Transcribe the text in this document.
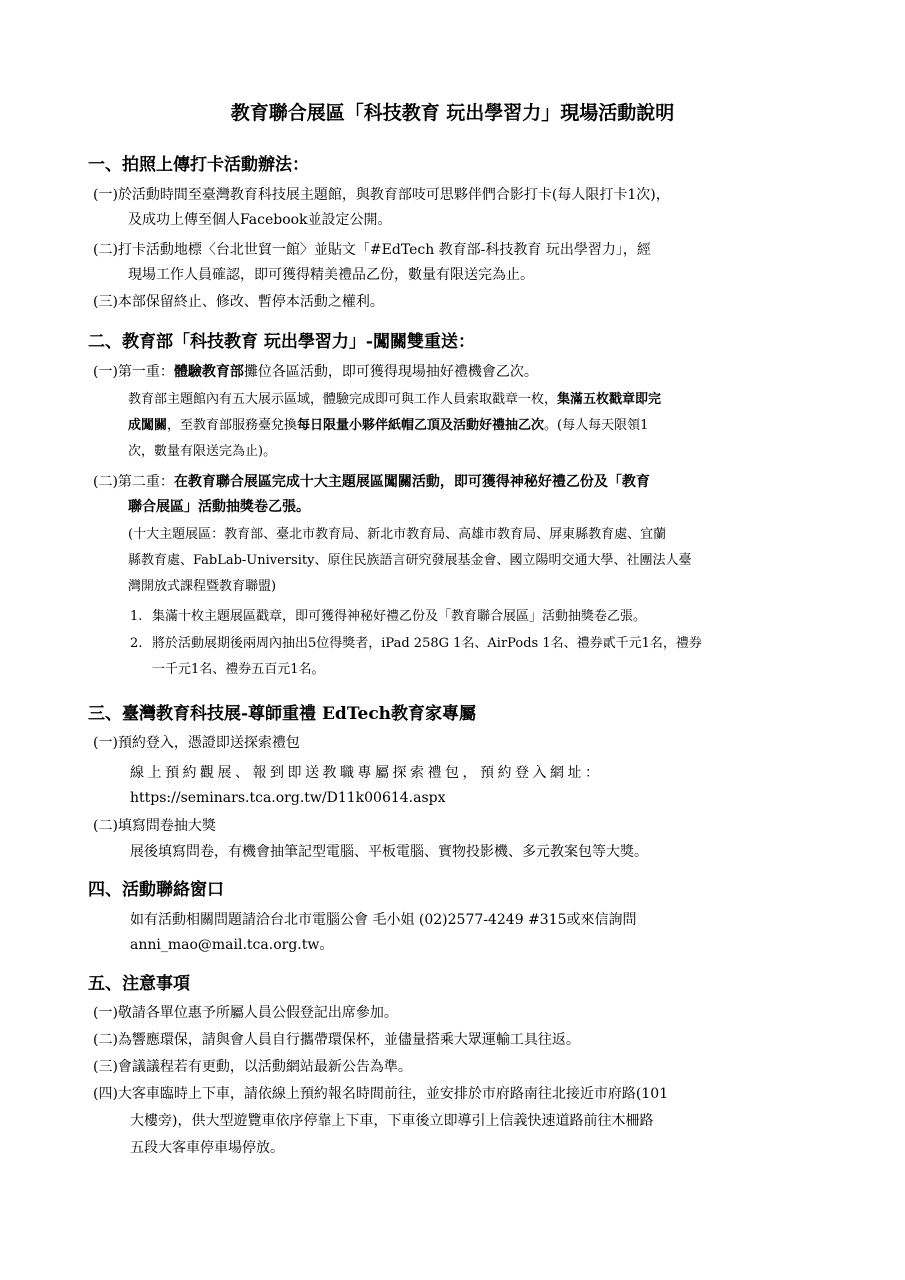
教育聯合展區「科技教育 玩出學習力」現場活動說明
一、拍照上傳打卡活動辦法：
(一)於活動時間至臺灣教育科技展主題館，與教育部吱可思夥伴們合影打卡(每人限打卡1次)，
及成功上傳至個人Facebook並設定公開。
(二)打卡活動地標〈台北世貿一館〉並貼文「#EdTech 教育部-科技教育 玩出學習力」，經
現場工作人員確認，即可獲得精美禮品乙份，數量有限送完為止。
(三)本部保留終止、修改、暫停本活動之權利。
二、教育部「科技教育 玩出學習力」-闖關雙重送：
(一)第一重：體驗教育部攤位各區活動，即可獲得現場抽好禮機會乙次。
教育部主題館內有五大展示區域，體驗完成即可與工作人員索取戳章一枚，集滿五枚戳章即完
成闖關，至教育部服務臺兌換每日限量小夥伴紙帽乙頂及活動好禮抽乙次。(每人每天限領1
次，數量有限送完為止)。
(二)第二重：在教育聯合展區完成十大主題展區闖關活動，即可獲得神秘好禮乙份及「教育
聯合展區」活動抽獎卷乙張。
(十大主題展區：教育部、臺北市教育局、新北市教育局、高雄市教育局、屏東縣教育處、宜蘭
縣教育處、FabLab-University、原住民族語言研究發展基金會、國立陽明交通大學、社團法人臺
灣開放式課程暨教育聯盟)
1. 集滿十枚主題展區戳章，即可獲得神秘好禮乙份及「教育聯合展區」活動抽獎卷乙張。
2. 將於活動展期後兩周內抽出5位得獎者，iPad 258G 1名、AirPods 1名、禮券貳千元1名，禮券
一千元1名、禮券五百元1名。
三、臺灣教育科技展-尊師重禮 EdTech教育家專屬
(一)預約登入，憑證即送探索禮包
線上預約觀展、報到即送教職專屬探索禮包，預約登入網址：
https://seminars.tca.org.tw/D11k00614.aspx
(二)填寫問卷抽大獎
展後填寫問卷，有機會抽筆記型電腦、平板電腦、實物投影機、多元教案包等大獎。
四、活動聯絡窗口
如有活動相關問題請洽台北市電腦公會 毛小姐 (02)2577-4249 #315或來信詢問
anni_mao@mail.tca.org.tw。
五、注意事項
(一)敬請各單位惠予所屬人員公假登記出席參加。
(二)為響應環保，請與會人員自行攜帶環保杯，並儘量搭乘大眾運輸工具往返。
(三)會議議程若有更動，以活動網站最新公告為準。
(四)大客車臨時上下車，請依線上預約報名時間前往，並安排於市府路南往北接近市府路(101
大樓旁)，供大型遊覽車依序停靠上下車，下車後立即導引上信義快速道路前往木柵路
五段大客車停車場停放。
